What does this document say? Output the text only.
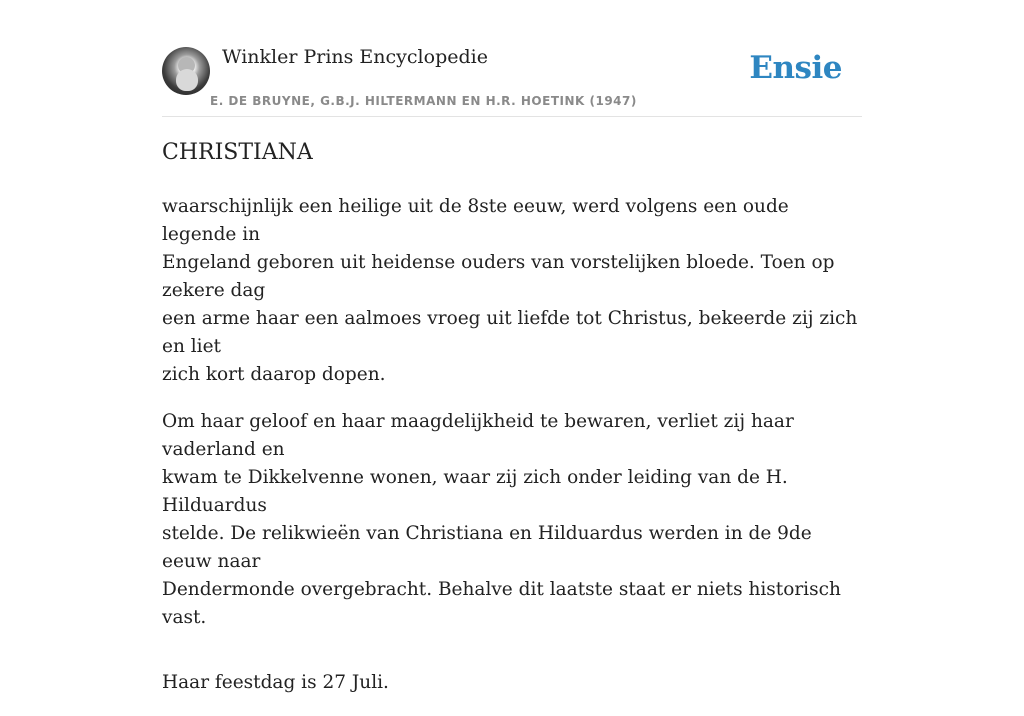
Winkler Prins Encyclopedie
E. DE BRUYNE, G.B.J. HILTERMANN EN H.R. HOETINK (1947)
Ensie
CHRISTIANA

waarschijnlijk een heilige uit de 8ste eeuw, werd volgens een oude legende in
Engeland geboren uit heidense ouders van vorstelijken bloede. Toen op zekere dag
een arme haar een aalmoes vroeg uit liefde tot Christus, bekeerde zij zich en liet
zich kort daarop dopen.

Om haar geloof en haar maagdelijkheid te bewaren, verliet zij haar vaderland en
kwam te Dikkelvenne wonen, waar zij zich onder leiding van de H. Hilduardus
stelde. De relikwieën van Christiana en Hilduardus werden in de 9de eeuw naar
Dendermonde overgebracht. Behalve dit laatste staat er niets historisch vast.

Haar feestdag is 27 Juli.
